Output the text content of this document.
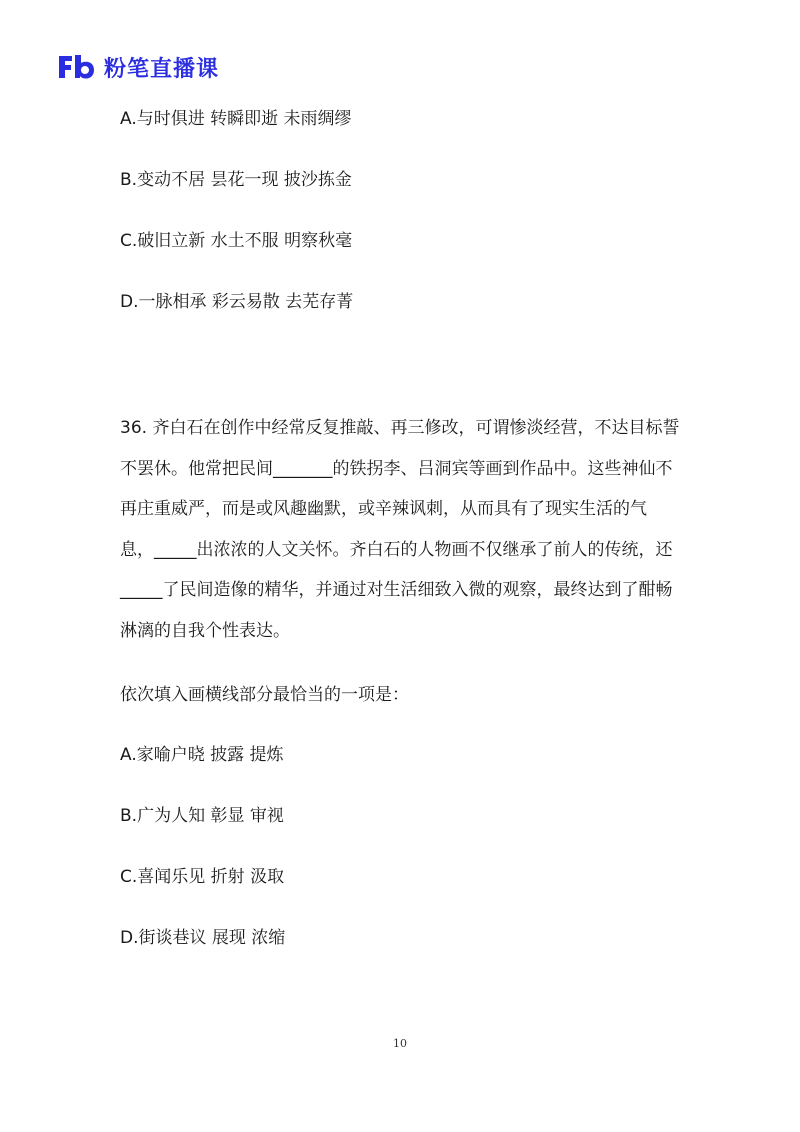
粉笔直播课
A.与时俱进 转瞬即逝 未雨绸缪
B.变动不居 昙花一现 披沙拣金
C.破旧立新 水土不服 明察秋毫
D.一脉相承 彩云易散 去芜存菁

36. 齐白石在创作中经常反复推敲、再三修改，可谓惨淡经营，不达目标誓不罢休。他常把民间_______的铁拐李、吕洞宾等画到作品中。这些神仙不再庄重威严，而是或风趣幽默，或辛辣讽刺，从而具有了现实生活的气息，_____出浓浓的人文关怀。齐白石的人物画不仅继承了前人的传统，还_____了民间造像的精华，并通过对生活细致入微的观察，最终达到了酣畅淋漓的自我个性表达。

依次填入画横线部分最恰当的一项是：
A.家喻户晓 披露 提炼
B.广为人知 彰显 审视
C.喜闻乐见 折射 汲取
D.街谈巷议 展现 浓缩
10
